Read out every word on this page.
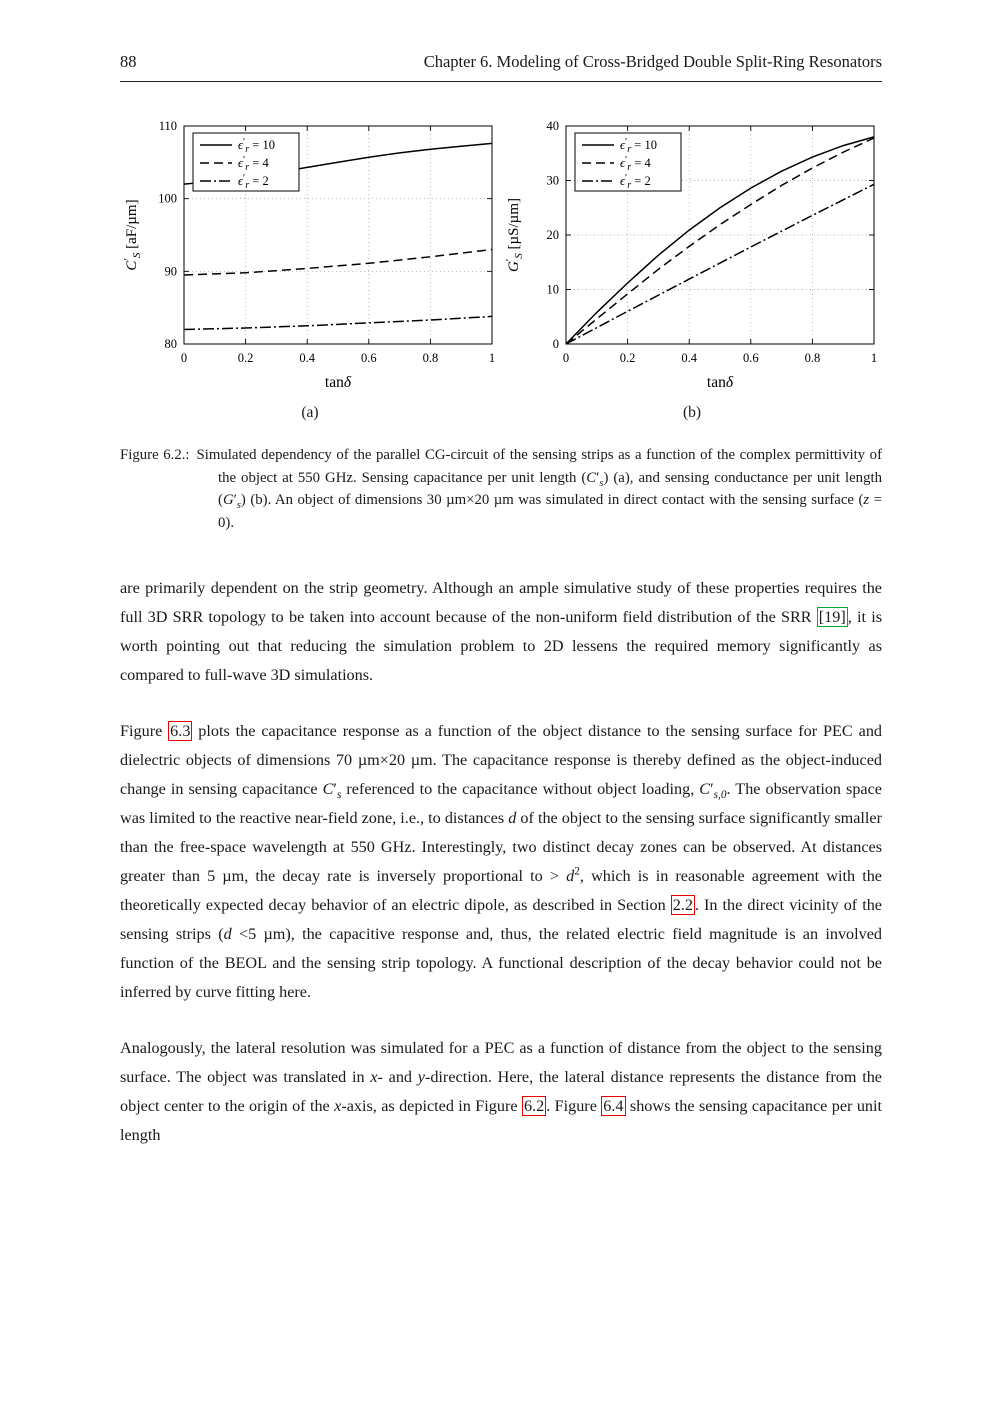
88	Chapter 6. Modeling of Cross-Bridged Double Split-Ring Resonators
0	0.2	0.4	0.6	0.8	1
80
90
100
110
tanδ
$C'_S$ [aF/µm]
$\epsilon'_r = 10$
$\epsilon'_r = 4$
$\epsilon'_r = 2$
(a)
0	0.2	0.4	0.6	0.8	1
0
10
20
30
40
tanδ
$G'_S$ [µS/µm]
$\epsilon'_r = 10$
$\epsilon'_r = 4$
$\epsilon'_r = 2$
(b)
Figure 6.2.: Simulated dependency of the parallel CG-circuit of the sensing strips as a function of the complex permittivity of the object at 550 GHz. Sensing capacitance per unit length $(C'_s)$ (a), and sensing conductance per unit length $(G'_s)$ (b). An object of dimensions 30 µm×20 µm was simulated in direct contact with the sensing surface (z = 0).

are primarily dependent on the strip geometry. Although an ample simulative study of these properties requires the full 3D SRR topology to be taken into account because of the non-uniform field distribution of the SRR [19] , it is worth pointing out that reducing the simulation problem to 2D lessens the required memory significantly as compared to full-wave 3D simulations.

Figure 6.3 plots the capacitance response as a function of the object distance to the sensing surface for PEC and dielectric objects of dimensions 70 µm×20 µm. The capacitance response is thereby defined as the object-induced change in sensing capacitance $C'_s$ referenced to the capacitance without object loading, $C'_{s,0}$. The observation space was limited to the reactive near-field zone, i.e., to distances d of the object to the sensing surface significantly smaller than the free-space wavelength at 550 GHz. Interestingly, two distinct decay zones can be observed. At distances greater than 5 µm, the decay rate is inversely proportional to > $d^2$, which is in reasonable agreement with the theoretically expected decay behavior of an electric dipole, as described in Section 2.2 . In the direct vicinity of the sensing strips (d <5 µm), the capacitive response and, thus, the related electric field magnitude is an involved function of the BEOL and the sensing strip topology. A functional description of the decay behavior could not be inferred by curve fitting here.

Analogously, the lateral resolution was simulated for a PEC as a function of distance from the object to the sensing surface. The object was translated in x- and y-direction. Here, the lateral distance represents the distance from the object center to the origin of the x-axis, as depicted in Figure 6.2 . Figure 6.4 shows the sensing capacitance per unit length
